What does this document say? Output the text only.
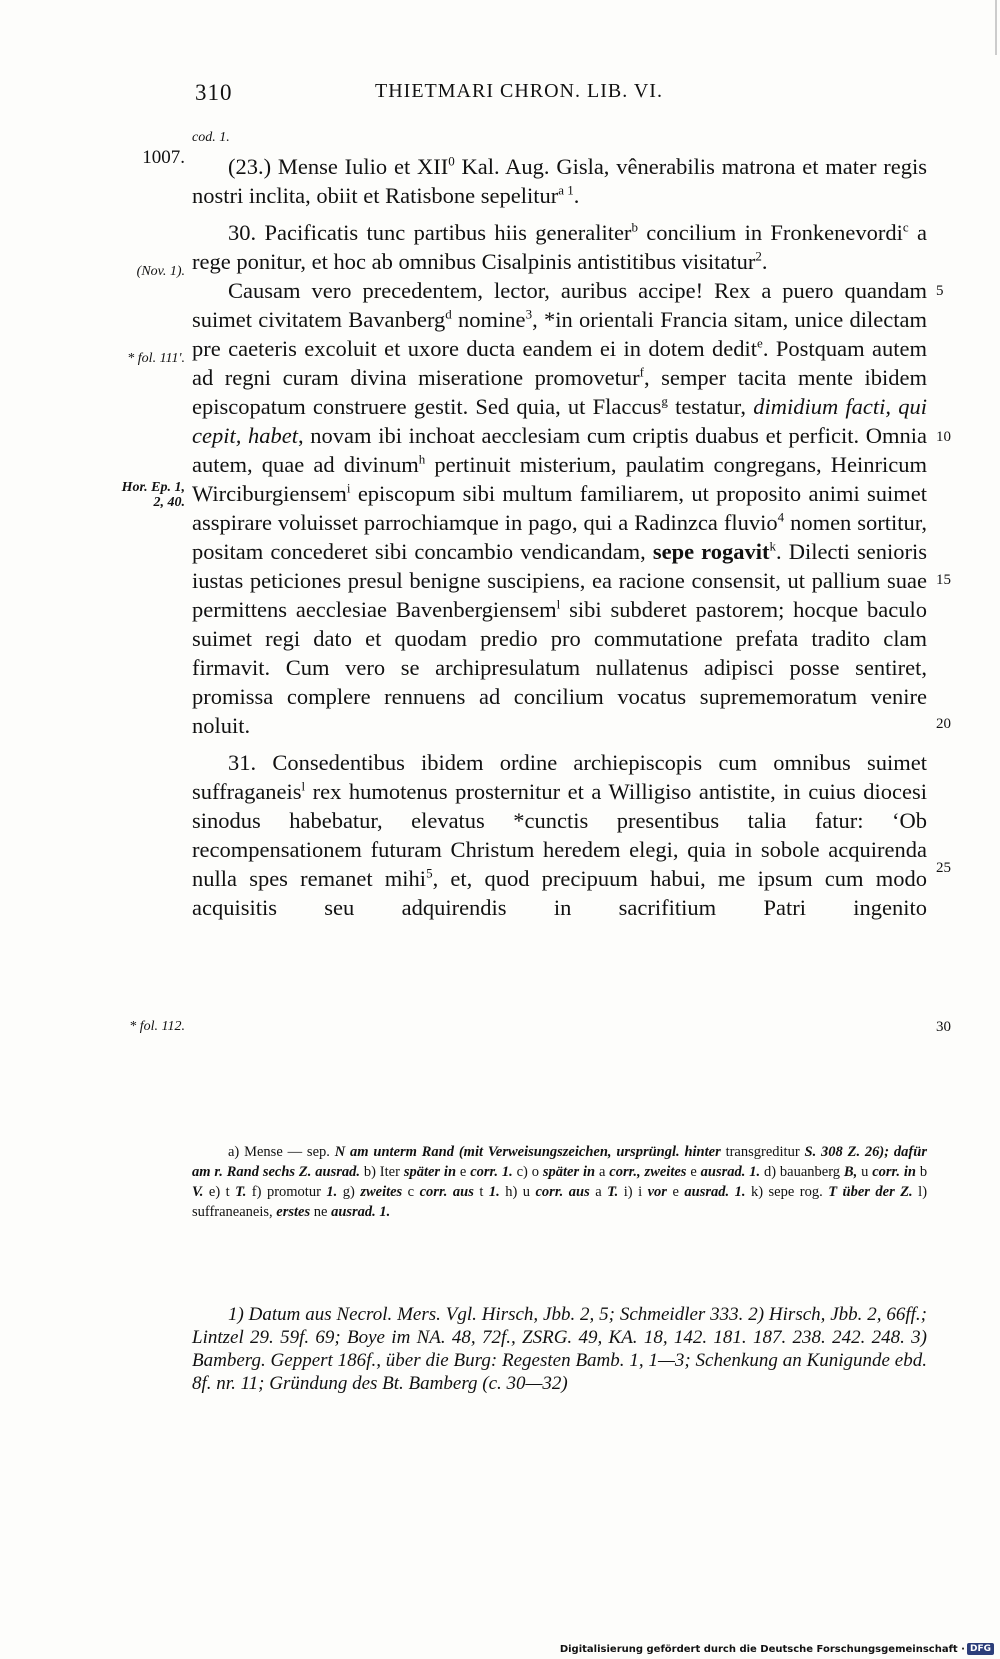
310	THIETMARI CHRON. LIB. VI.
cod. 1.
1007.
(Nov. 1).
* fol. 111'.
Hor. Ep. 1,
2, 40.
* fol. 112.
5
10
15
20
25
30

(23.) Mense Iulio et XII$^0$ Kal. Aug. Gisla, vênerabilis matrona et mater regis nostri inclita, obiit et Ratisbone sepelitur$^{a 1}$.

30. Pacificatis tunc partibus hiis generaliter$^b$ concilium in Fronkenevordi$^c$ a rege ponitur, et hoc ab omnibus Cisalpinis antistitibus visitatur$^2$.

Causam vero precedentem, lector, auribus accipe! Rex a puero quandam suimet civitatem Bavanberg$^d$ nomine$^3$, *in orientali Francia sitam, unice dilectam pre caeteris excoluit et uxore ducta eandem ei in dotem dedit$^e$. Postquam autem ad regni curam divina miseratione promovetur$^f$, semper tacita mente ibidem episcopatum construere gestit. Sed quia, ut Flaccus$^g$ testatur, dimidium facti, qui cepit, habet, novam ibi inchoat aecclesiam cum criptis duabus et perficit. Omnia autem, quae ad divinum$^h$ pertinuit misterium, paulatim congregans, Heinricum Wirciburgiensem$^i$ episcopum sibi multum familiarem, ut proposito animi suimet asspirare voluisset parrochiamque in pago, qui a Radinzca fluvio$^4$ nomen sortitur, positam concederet sibi concambio vendicandam, sepe rogavit$^k$. Dilecti senioris iustas peticiones presul benigne suscipiens, ea racione consensit, ut pallium suae permittens aecclesiae Bavenbergiensem$^l$ sibi subderet pastorem; hocque baculo suimet regi dato et quodam predio pro commutatione prefata tradito clam firmavit. Cum vero se archipresulatum nullatenus adipisci posse sentiret, promissa complere rennuens ad concilium vocatus suprememoratum venire noluit.

31. Consedentibus ibidem ordine archiepiscopis cum omnibus suimet suffraganeis$^l$ rex humotenus prosternitur et a Willigiso antistite, in cuius diocesi sinodus habebatur, elevatus *cunctis presentibus talia fatur: ‘Ob recompensationem futuram Christum heredem elegi, quia in sobole acquirenda nulla spes remanet mihi$^5$, et, quod precipuum habui, me ipsum cum modo acquisitis seu adquirendis in sacrifitium Patri ingenito

a) Mense — sep. N am unterm Rand (mit Verweisungszeichen, ursprüngl. hinter transgreditur S. 308 Z. 26); dafür am r. Rand sechs Z. ausrad. b) Iter später in e corr. 1. c) o später in a corr., zweites e ausrad. 1. d) bauanberg B, u corr. in b V. e) t T. f) promotur 1. g) zweites c corr. aus t 1. h) u corr. aus a T. i) i vor e ausrad. 1. k) sepe rog. T über der Z. l) suffraneaneis, erstes ne ausrad. 1.

1) Datum aus Necrol. Mers. Vgl. Hirsch, Jbb. 2, 5; Schmeidler 333. 2) Hirsch, Jbb. 2, 66ff.; Lintzel 29. 59f. 69; Boye im NA. 48, 72f., ZSRG. 49, KA. 18, 142. 181. 187. 238. 242. 248. 3) Bamberg. Geppert 186f., über die Burg: Regesten Bamb. 1, 1—3; Schenkung an Kunigunde ebd. 8f. nr. 11; Gründung des Bt. Bamberg (c. 30—32)

Digitalisierung gefördert durch die Deutsche Forschungsgemeinschaft · DFG
